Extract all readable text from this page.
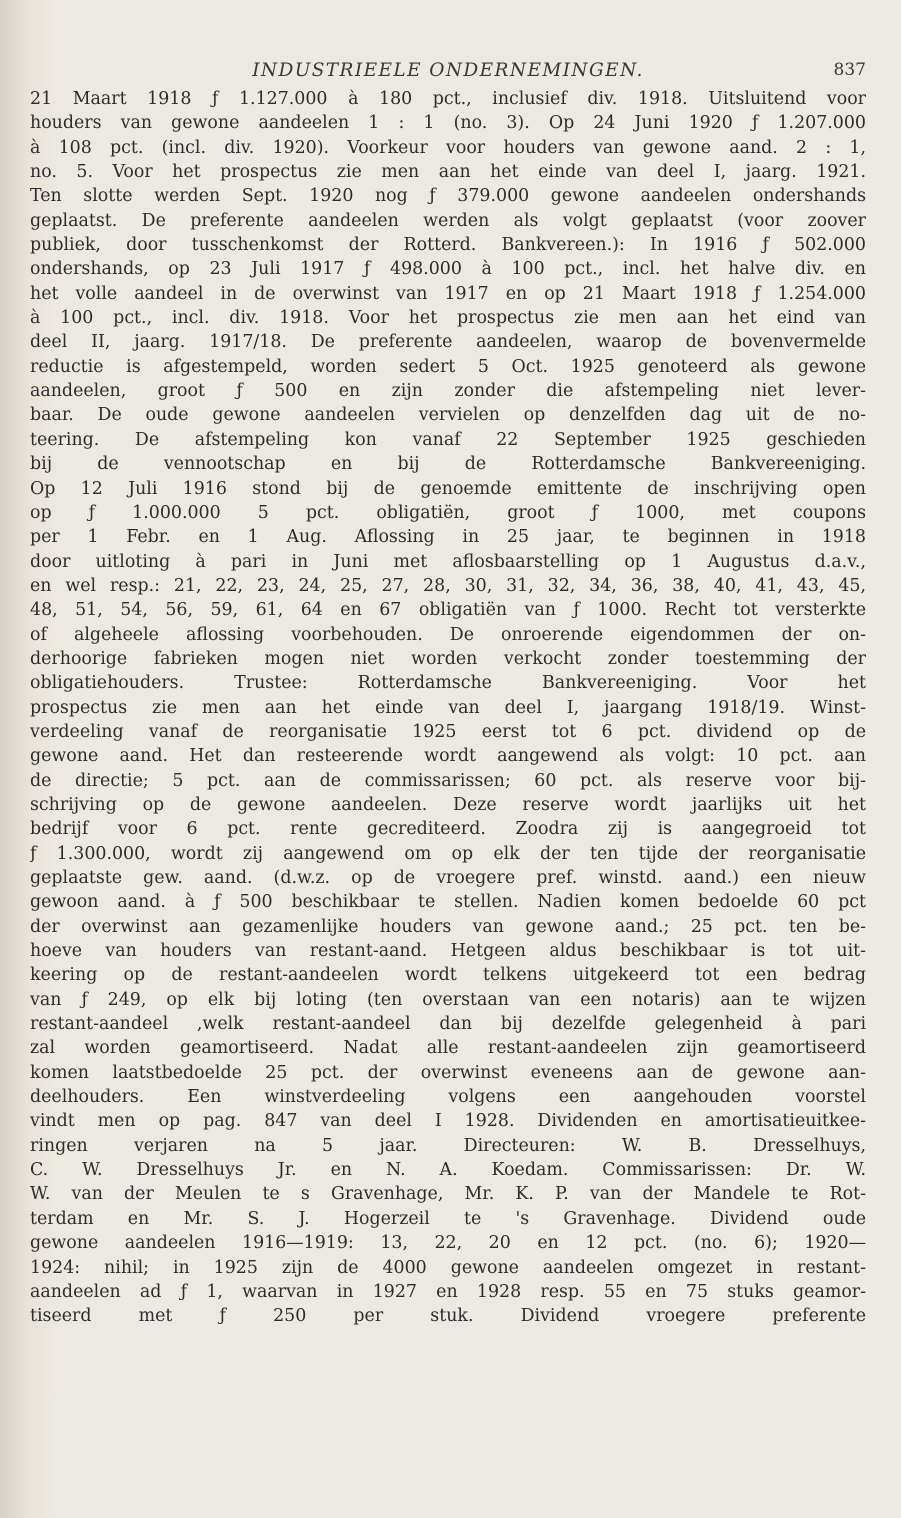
INDUSTRIEELE ONDERNEMINGEN.	837
21 Maart 1918 ƒ 1.127.000 à 180 pct., inclusief div. 1918. Uitsluitend voor
houders van gewone aandeelen 1 : 1 (no. 3). Op 24 Juni 1920 ƒ 1.207.000
à 108 pct. (incl. div. 1920). Voorkeur voor houders van gewone aand. 2 : 1,
no. 5. Voor het prospectus zie men aan het einde van deel I, jaarg. 1921.
Ten slotte werden Sept. 1920 nog ƒ 379.000 gewone aandeelen ondershands
geplaatst. De preferente aandeelen werden als volgt geplaatst (voor zoover
publiek, door tusschenkomst der Rotterd. Bankvereen.): In 1916 ƒ 502.000
ondershands, op 23 Juli 1917 ƒ 498.000 à 100 pct., incl. het halve div. en
het volle aandeel in de overwinst van 1917 en op 21 Maart 1918 ƒ 1.254.000
à 100 pct., incl. div. 1918. Voor het prospectus zie men aan het eind van
deel II, jaarg. 1917/18. De preferente aandeelen, waarop de bovenvermelde
reductie is afgestempeld, worden sedert 5 Oct. 1925 genoteerd als gewone
aandeelen, groot ƒ 500 en zijn zonder die afstempeling niet lever-
baar. De oude gewone aandeelen vervielen op denzelfden dag uit de no-
teering. De afstempeling kon vanaf 22 September 1925 geschieden
bij de vennootschap en bij de Rotterdamsche Bankvereeniging.
Op 12 Juli 1916 stond bij de genoemde emittente de inschrijving open
op ƒ 1.000.000 5 pct. obligatiën, groot ƒ 1000, met coupons
per 1 Febr. en 1 Aug. Aflossing in 25 jaar, te beginnen in 1918
door uitloting à pari in Juni met aflosbaarstelling op 1 Augustus d.a.v.,
en wel resp.: 21, 22, 23, 24, 25, 27, 28, 30, 31, 32, 34, 36, 38, 40, 41, 43, 45,
48, 51, 54, 56, 59, 61, 64 en 67 obligatiën van ƒ 1000. Recht tot versterkte
of algeheele aflossing voorbehouden. De onroerende eigendommen der on-
derhoorige fabrieken mogen niet worden verkocht zonder toestemming der
obligatiehouders. Trustee: Rotterdamsche Bankvereeniging. Voor het
prospectus zie men aan het einde van deel I, jaargang 1918/19. Winst-
verdeeling vanaf de reorganisatie 1925 eerst tot 6 pct. dividend op de
gewone aand. Het dan resteerende wordt aangewend als volgt: 10 pct. aan
de directie; 5 pct. aan de commissarissen; 60 pct. als reserve voor bij-
schrijving op de gewone aandeelen. Deze reserve wordt jaarlijks uit het
bedrijf voor 6 pct. rente gecrediteerd. Zoodra zij is aangegroeid tot
ƒ 1.300.000, wordt zij aangewend om op elk der ten tijde der reorganisatie
geplaatste gew. aand. (d.w.z. op de vroegere pref. winstd. aand.) een nieuw
gewoon aand. à ƒ 500 beschikbaar te stellen. Nadien komen bedoelde 60 pct
der overwinst aan gezamenlijke houders van gewone aand.; 25 pct. ten be-
hoeve van houders van restant-aand. Hetgeen aldus beschikbaar is tot uit-
keering op de restant-aandeelen wordt telkens uitgekeerd tot een bedrag
van ƒ 249, op elk bij loting (ten overstaan van een notaris) aan te wijzen
restant-aandeel ,welk restant-aandeel dan bij dezelfde gelegenheid à pari
zal worden geamortiseerd. Nadat alle restant-aandeelen zijn geamortiseerd
komen laatstbedoelde 25 pct. der overwinst eveneens aan de gewone aan-
deelhouders. Een winstverdeeling volgens een aangehouden voorstel
vindt men op pag. 847 van deel I 1928. Dividenden en amortisatieuitkee-
ringen verjaren na 5 jaar. Directeuren: W. B. Dresselhuys,
C. W. Dresselhuys Jr. en N. A. Koedam. Commissarissen: Dr. W.
W. van der Meulen te s Gravenhage, Mr. K. P. van der Mandele te Rot-
terdam en Mr. S. J. Hogerzeil te 's Gravenhage. Dividend oude
gewone aandeelen 1916—1919: 13, 22, 20 en 12 pct. (no. 6); 1920—
1924: nihil; in 1925 zijn de 4000 gewone aandeelen omgezet in restant-
aandeelen ad ƒ 1, waarvan in 1927 en 1928 resp. 55 en 75 stuks geamor-
tiseerd met ƒ 250 per stuk. Dividend vroegere preferente
